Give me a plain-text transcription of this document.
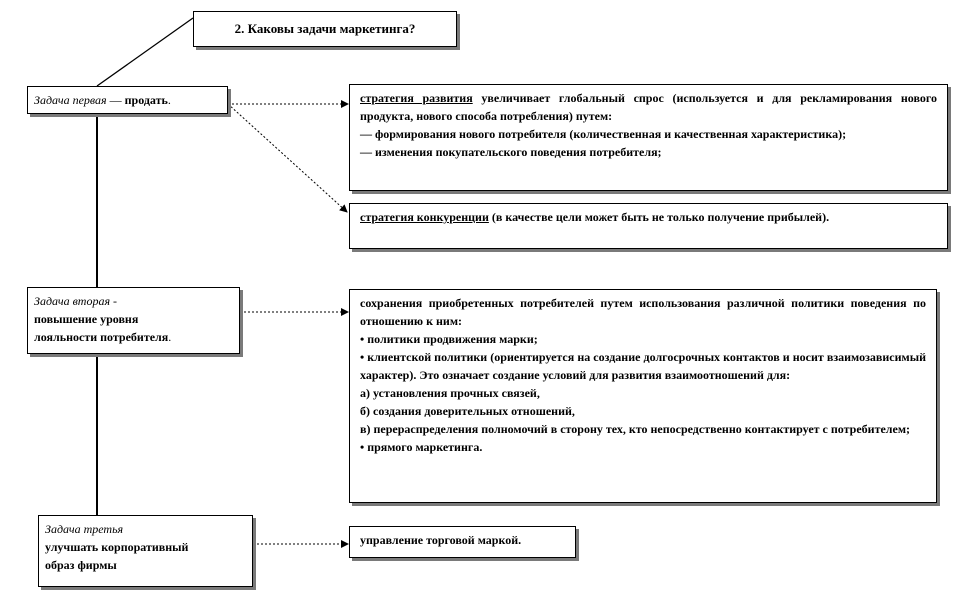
2. Каковы задачи маркетинга?
Задача первая — продать.
Задача вторая -
повышение уровня
лояльности потребителя.
Задача третья
улучшать корпоративный
образ фирмы
стратегия развития увеличивает глобальный спрос (используется и для рекламирования нового продукта, нового способа потребления) путем:
— формирования нового потребителя (количественная и качественная характеристика);
— изменения покупательского поведения потребителя;
стратегия конкуренции (в качестве цели может быть не только получение прибылей).
сохранения приобретенных потребителей путем использования различной политики поведения по отношению к ним:
• политики продвижения марки;
• клиентской политики (ориентируется на создание долгосрочных контактов и носит взаимозависимый характер). Это означает создание условий для развития взаимоотношений для:
а) установления прочных связей,
б) создания доверительных отношений,
в) перераспределения полномочий в сторону тех, кто непосредственно контактирует с потребителем;
• прямого маркетинга.
управление торговой маркой.
